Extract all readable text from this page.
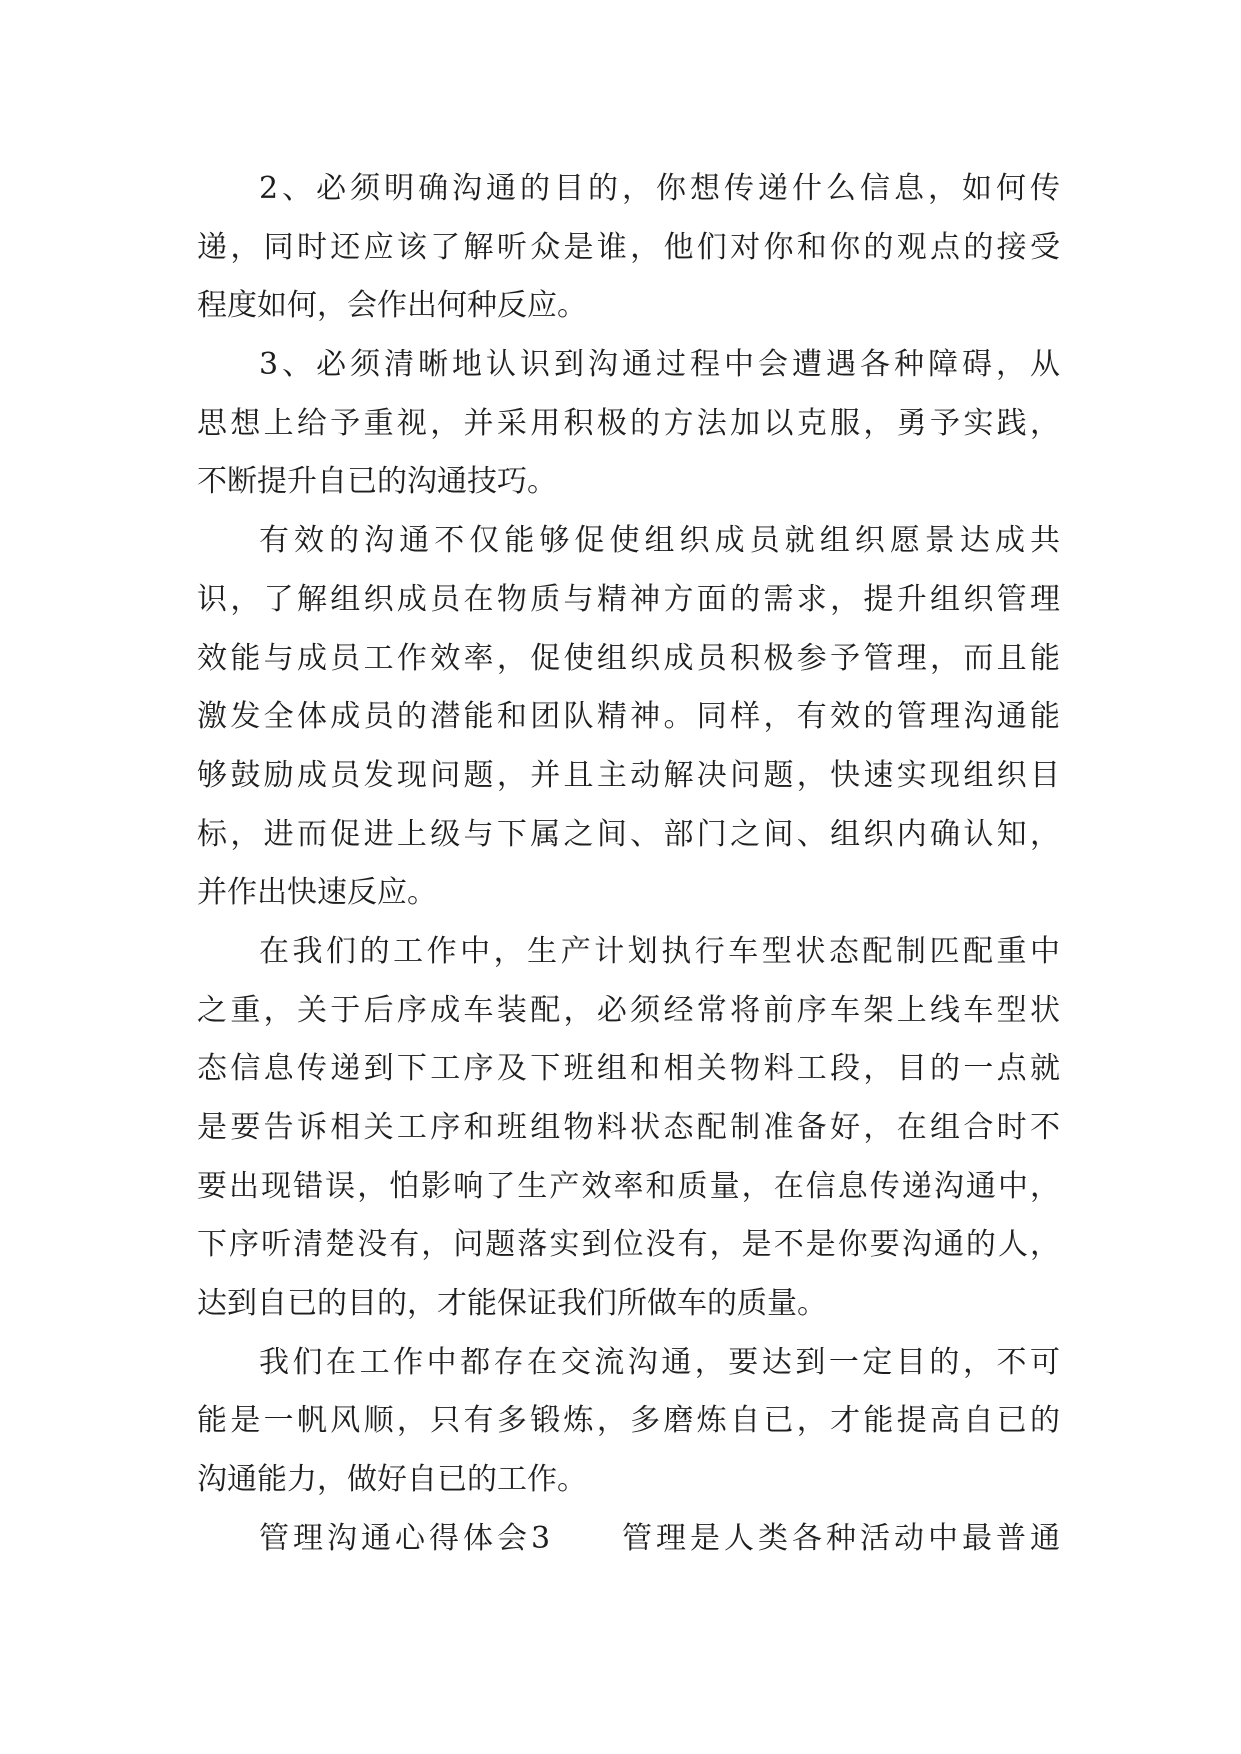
2、必须明确沟通的目的，你想传递什么信息，如何传
递，同时还应该了解听众是谁，他们对你和你的观点的接受
程度如何，会作出何种反应。
3、必须清晰地认识到沟通过程中会遭遇各种障碍，从
思想上给予重视，并采用积极的方法加以克服，勇予实践，
不断提升自已的沟通技巧。
有效的沟通不仅能够促使组织成员就组织愿景达成共
识，了解组织成员在物质与精神方面的需求，提升组织管理
效能与成员工作效率，促使组织成员积极参予管理，而且能
激发全体成员的潜能和团队精神。同样，有效的管理沟通能
够鼓励成员发现问题，并且主动解决问题，快速实现组织目
标，进而促进上级与下属之间、部门之间、组织内确认知，
并作出快速反应。
在我们的工作中，生产计划执行车型状态配制匹配重中
之重，关于后序成车装配，必须经常将前序车架上线车型状
态信息传递到下工序及下班组和相关物料工段，目的一点就
是要告诉相关工序和班组物料状态配制准备好，在组合时不
要出现错误，怕影响了生产效率和质量，在信息传递沟通中，
下序听清楚没有，问题落实到位没有，是不是你要沟通的人，
达到自已的目的，才能保证我们所做车的质量。
我们在工作中都存在交流沟通，要达到一定目的，不可
能是一帆风顺，只有多锻炼，多磨炼自已，才能提高自已的
沟通能力，做好自已的工作。
管理沟通心得体会3　　管理是人类各种活动中最普通
